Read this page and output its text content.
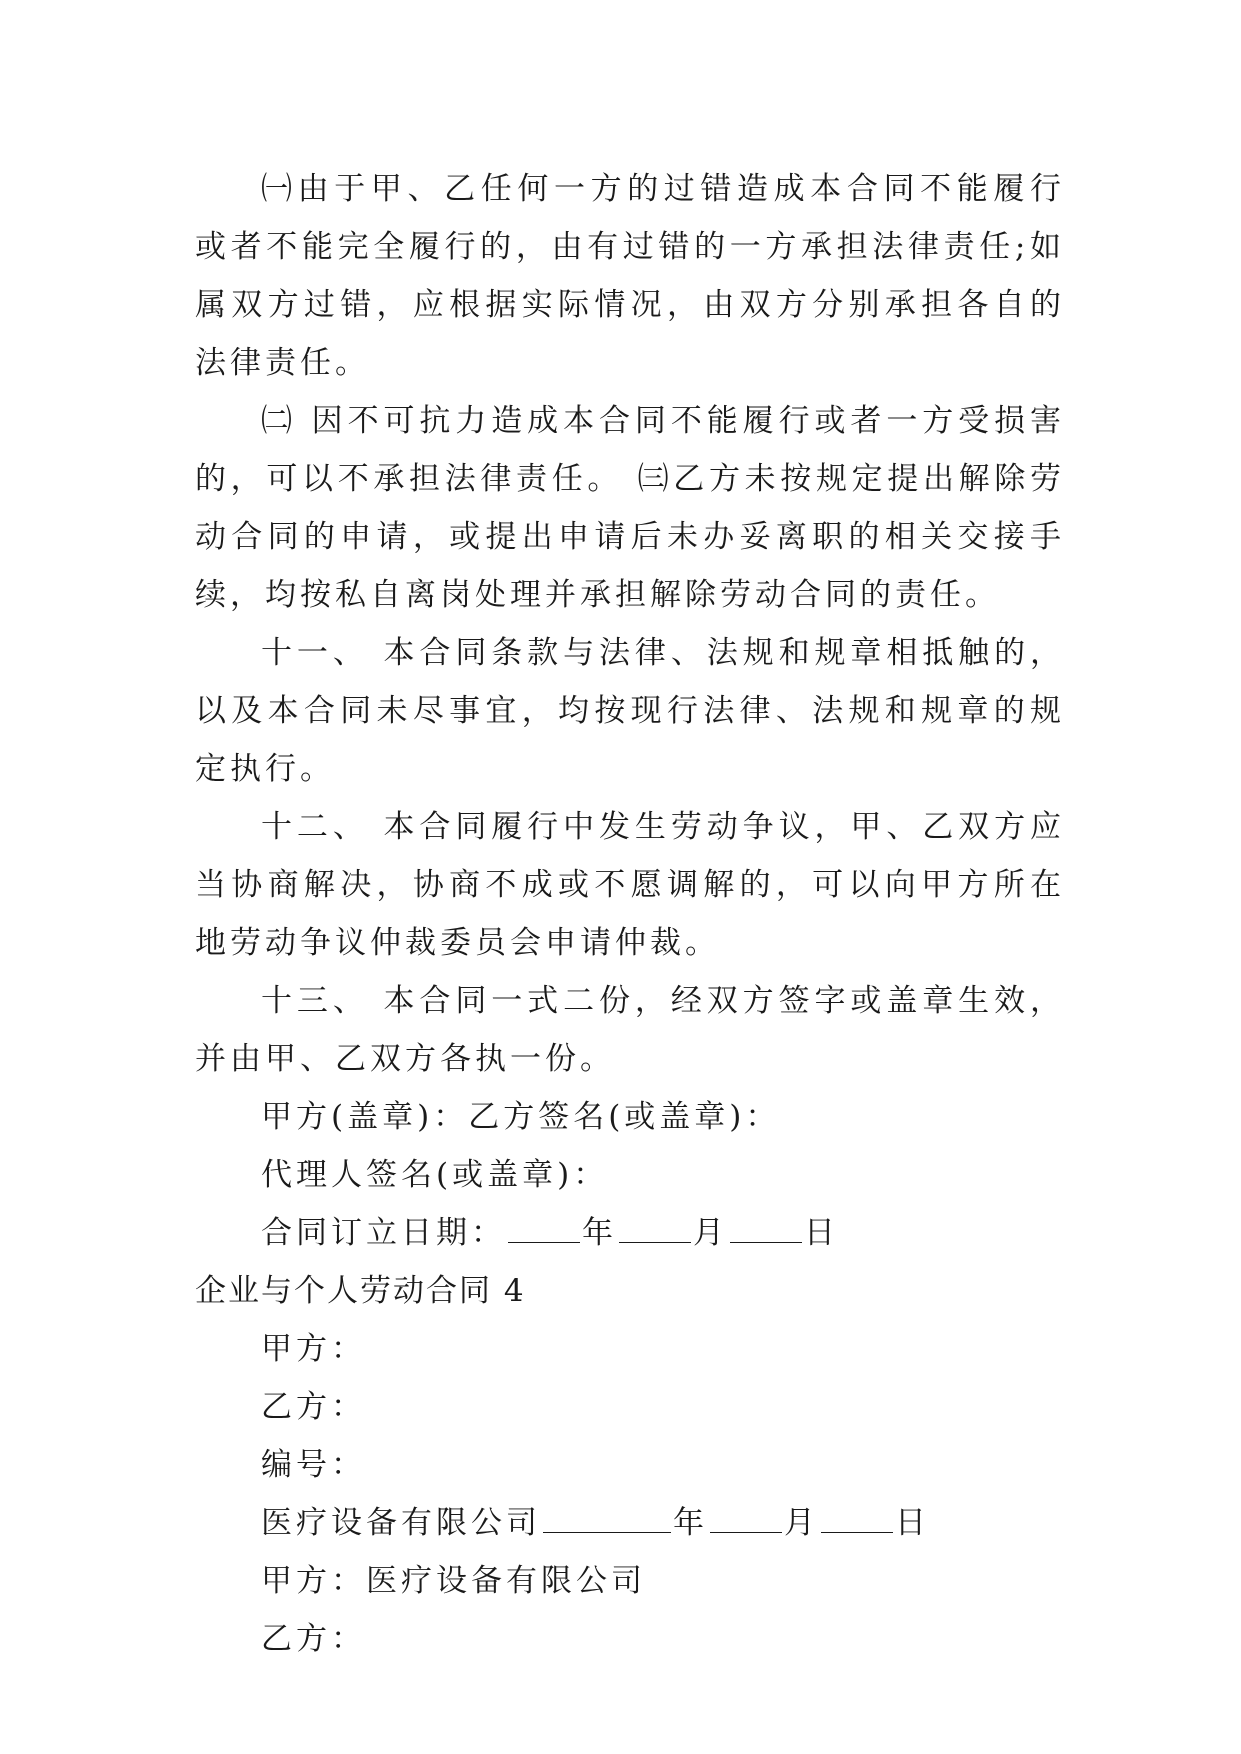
㈠由于甲、乙任何一方的过错造成本合同不能履行或者不能完全履行的，由有过错的一方承担法律责任;如属双方过错，应根据实际情况，由双方分别承担各自的法律责任。

㈡ 因不可抗力造成本合同不能履行或者一方受损害的，可以不承担法律责任。 ㈢乙方未按规定提出解除劳动合同的申请，或提出申请后未办妥离职的相关交接手续，均按私自离岗处理并承担解除劳动合同的责任。

十一、 本合同条款与法律、法规和规章相抵触的，以及本合同未尽事宜，均按现行法律、法规和规章的规定执行。

十二、 本合同履行中发生劳动争议，甲、乙双方应当协商解决，协商不成或不愿调解的，可以向甲方所在地劳动争议仲裁委员会申请仲裁。

十三、 本合同一式二份，经双方签字或盖章生效，并由甲、乙双方各执一份。

甲方(盖章)：乙方签名(或盖章)：

代理人签名(或盖章)：

合同订立日期： 年 月 日

企业与个人劳动合同 4

甲方：

乙方：

编号：

医疗设备有限公司	年 月 日

甲方：医疗设备有限公司

乙方：
